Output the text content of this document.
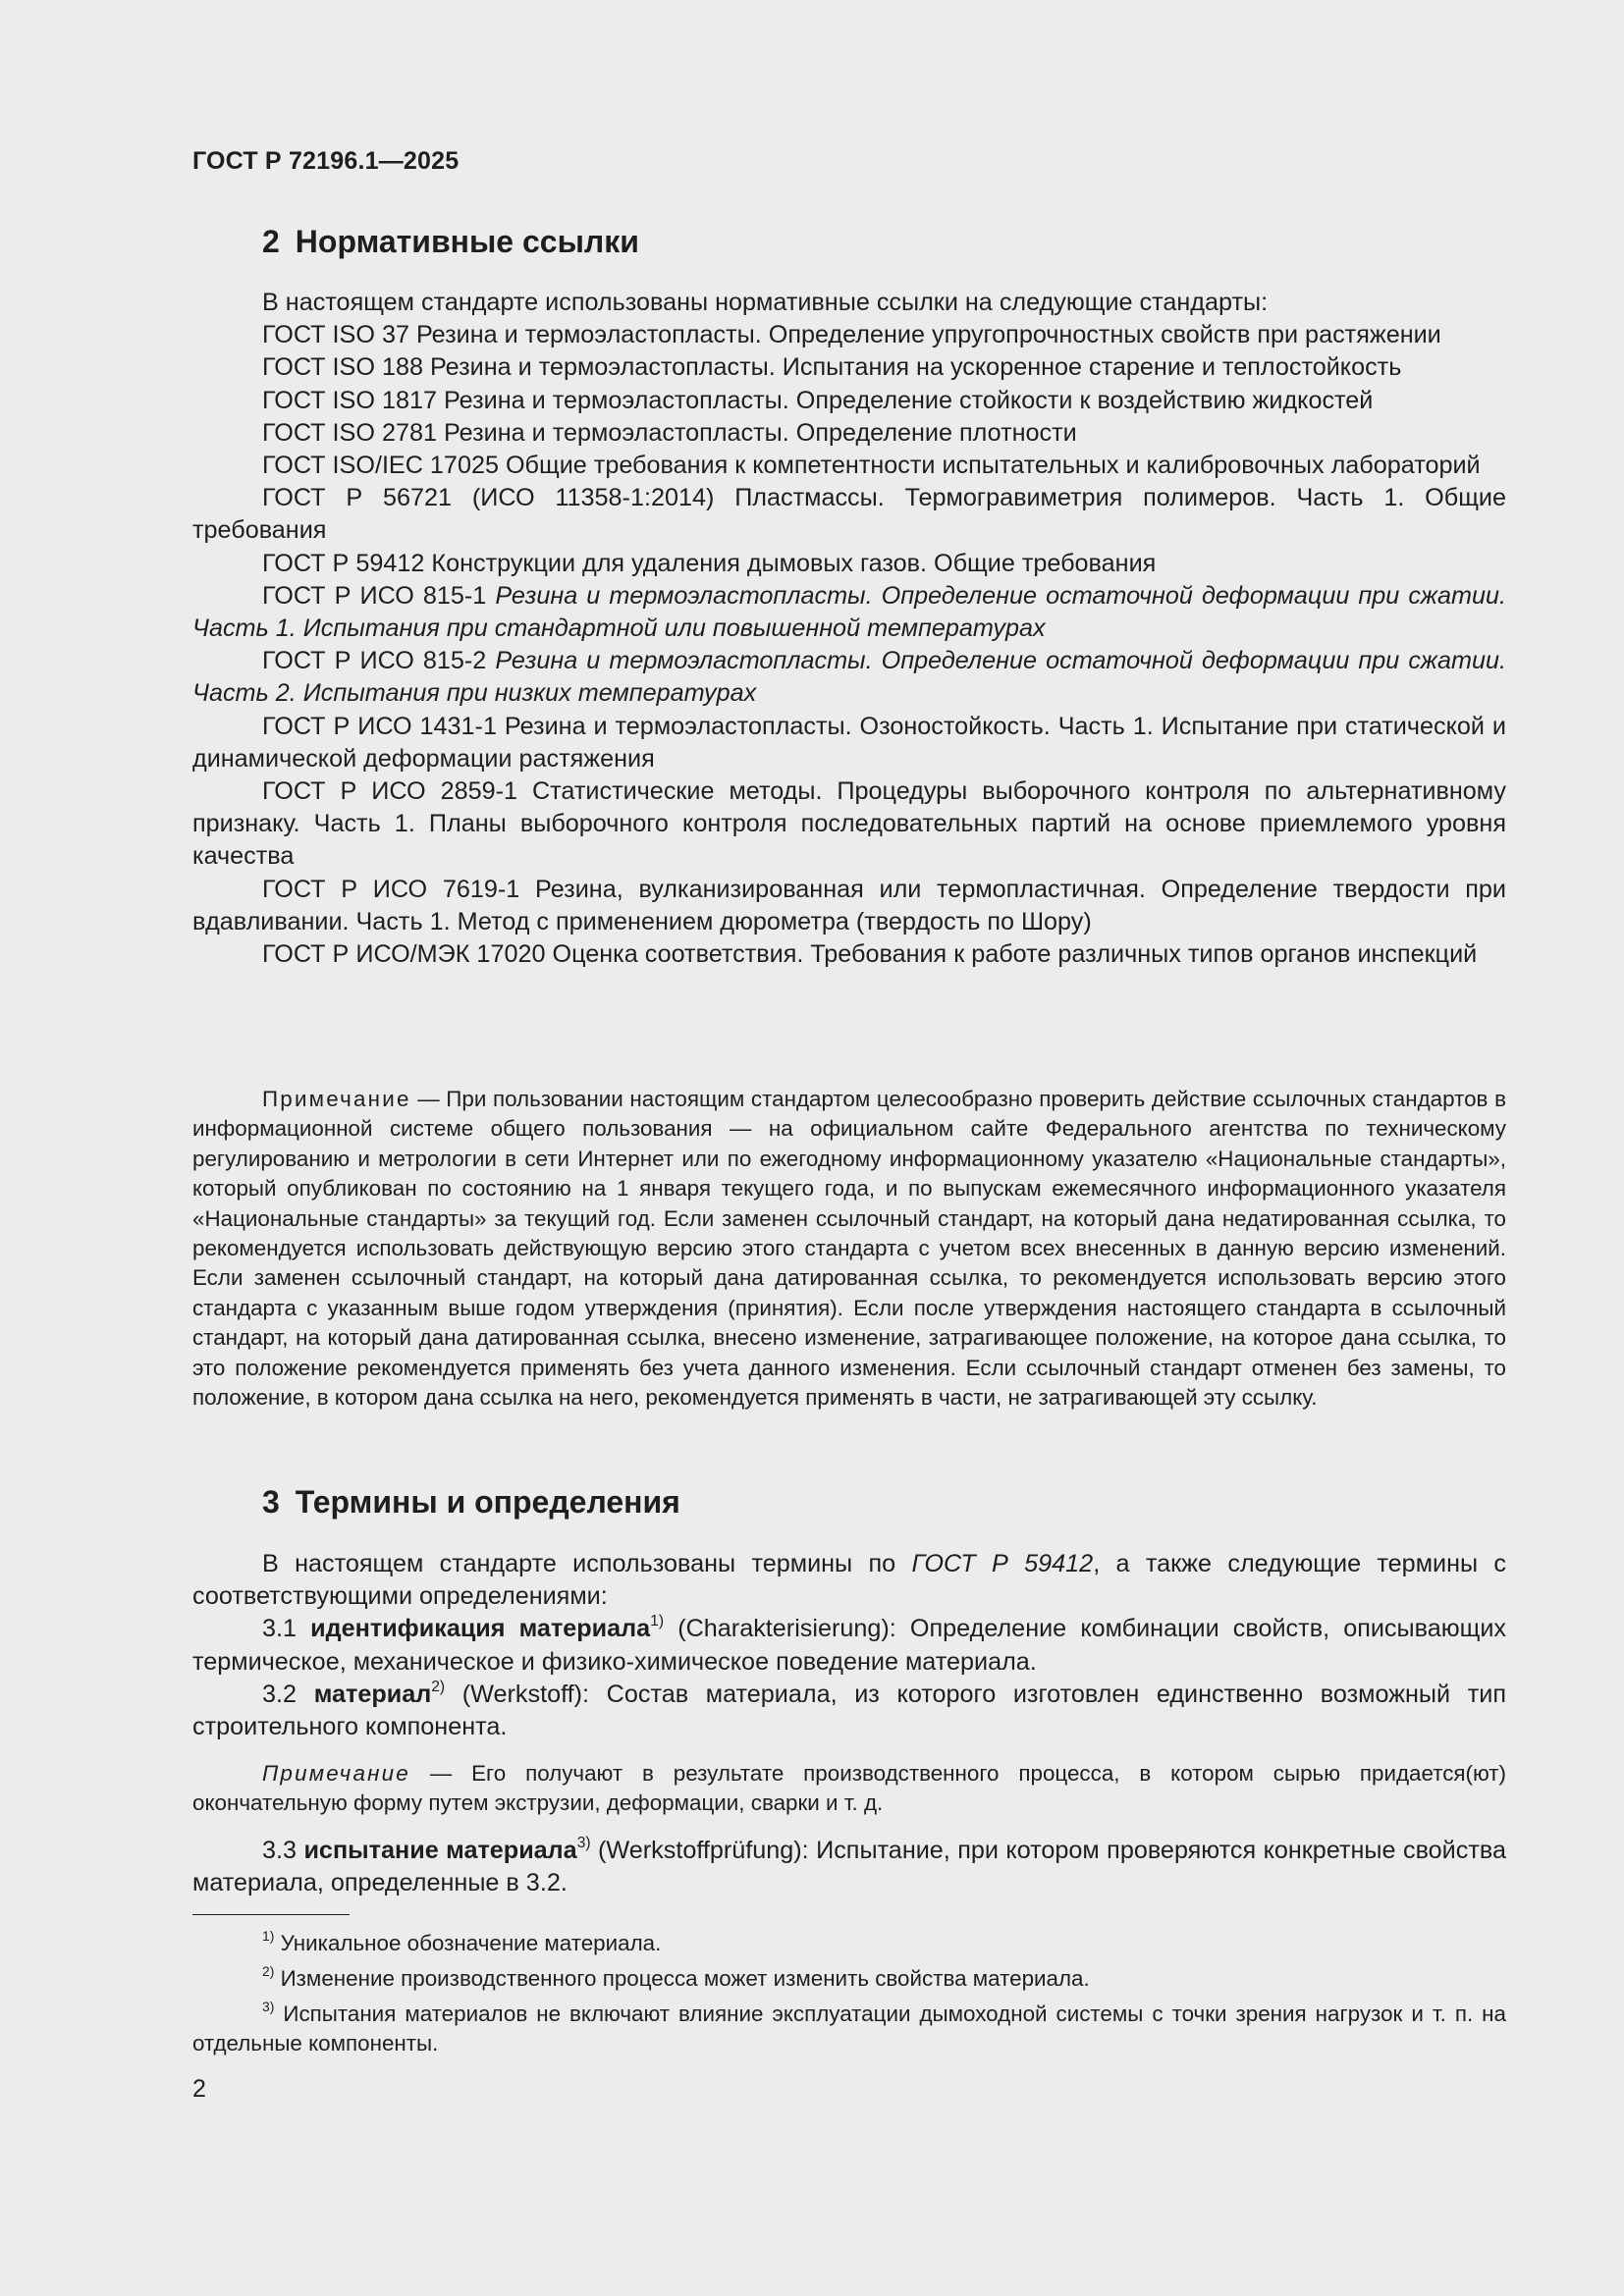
ГОСТ Р 72196.1—2025
2 Нормативные ссылки

В настоящем стандарте использованы нормативные ссылки на следующие стандарты:

ГОСТ ISO 37 Резина и термоэластопласты. Определение упругопрочностных свойств при растяжении

ГОСТ ISO 188 Резина и термоэластопласты. Испытания на ускоренное старение и теплостойкость

ГОСТ ISO 1817 Резина и термоэластопласты. Определение стойкости к воздействию жидкостей

ГОСТ ISO 2781 Резина и термоэластопласты. Определение плотности

ГОСТ ISO/IEC 17025 Общие требования к компетентности испытательных и калибровочных лабораторий

ГОСТ Р 56721 (ИСО 11358-1:2014) Пластмассы. Термогравиметрия полимеров. Часть 1. Общие требования

ГОСТ Р 59412 Конструкции для удаления дымовых газов. Общие требования

ГОСТ Р ИСО 815-1 Резина и термоэластопласты. Определение остаточной деформации при сжатии. Часть 1. Испытания при стандартной или повышенной температурах

ГОСТ Р ИСО 815-2 Резина и термоэластопласты. Определение остаточной деформации при сжатии. Часть 2. Испытания при низких температурах

ГОСТ Р ИСО 1431-1 Резина и термоэластопласты. Озоностойкость. Часть 1. Испытание при статической и динамической деформации растяжения

ГОСТ Р ИСО 2859-1 Статистические методы. Процедуры выборочного контроля по альтернативному признаку. Часть 1. Планы выборочного контроля последовательных партий на основе приемлемого уровня качества

ГОСТ Р ИСО 7619-1 Резина, вулканизированная или термопластичная. Определение твердости при вдавливании. Часть 1. Метод с применением дюрометра (твердость по Шору)

ГОСТ Р ИСО/МЭК 17020 Оценка соответствия. Требования к работе различных типов органов инспекций

Примечание — При пользовании настоящим стандартом целесообразно проверить действие ссылочных стандартов в информационной системе общего пользования — на официальном сайте Федерального агентства по техническому регулированию и метрологии в сети Интернет или по ежегодному информационному указателю «Национальные стандарты», который опубликован по состоянию на 1 января текущего года, и по выпускам ежемесячного информационного указателя «Национальные стандарты» за текущий год. Если заменен ссылочный стандарт, на который дана недатированная ссылка, то рекомендуется использовать действующую версию этого стандарта с учетом всех внесенных в данную версию изменений. Если заменен ссылочный стандарт, на который дана датированная ссылка, то рекомендуется использовать версию этого стандарта с указанным выше годом утверждения (принятия). Если после утверждения настоящего стандарта в ссылочный стандарт, на который дана датированная ссылка, внесено изменение, затрагивающее положение, на которое дана ссылка, то это положение рекомендуется применять без учета данного изменения. Если ссылочный стандарт отменен без замены, то положение, в котором дана ссылка на него, рекомендуется применять в части, не затрагивающей эту ссылку.

3 Термины и определения

В настоящем стандарте использованы термины по ГОСТ Р 59412, а также следующие термины с соответствующими определениями:

3.1 идентификация материала$^{1)}$ (Charakterisierung): Определение комбинации свойств, описывающих термическое, механическое и физико-химическое поведение материала.

3.2 материал$^{2)}$ (Werkstoff): Состав материала, из которого изготовлен единственно возможный тип строительного компонента.

Примечание — Его получают в результате производственного процесса, в котором сырью придается(ют) окончательную форму путем экструзии, деформации, сварки и т. д.

3.3 испытание материала$^{3)}$ (Werkstoffprüfung): Испытание, при котором проверяются конкретные свойства материала, определенные в 3.2.

$^{1)}$ Уникальное обозначение материала.

$^{2)}$ Изменение производственного процесса может изменить свойства материала.

$^{3)}$ Испытания материалов не включают влияние эксплуатации дымоходной системы с точки зрения нагрузок и т. п. на отдельные компоненты.

2
